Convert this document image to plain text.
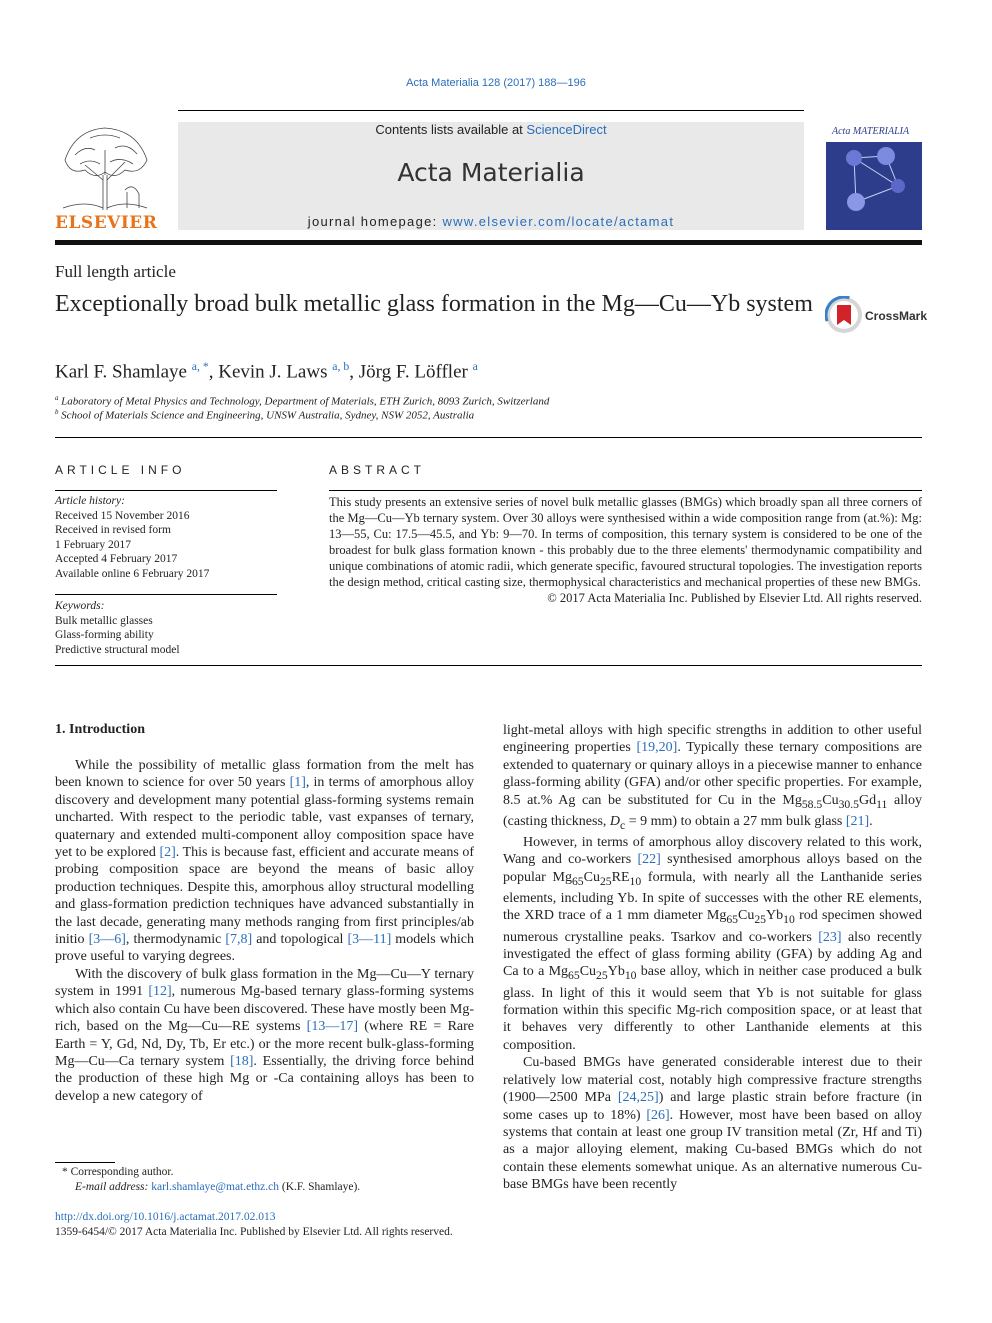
Acta Materialia 128 (2017) 188—196
ELSEVIER
Contents lists available at ScienceDirect
Acta Materialia
journal homepage: www.elsevier.com/locate/actamat
Acta MATERIALIA
Full length article
Exceptionally broad bulk metallic glass formation in the Mg—Cu—Yb system	CrossMark
Karl F. Shamlaye $^{a, *}$, Kevin J. Laws $^{a, b}$, Jörg F. Löffler $^a$
$^a$ Laboratory of Metal Physics and Technology, Department of Materials, ETH Zurich, 8093 Zurich, Switzerland
$^b$ School of Materials Science and Engineering, UNSW Australia, Sydney, NSW 2052, Australia
ARTICLE INFO
Article history:
Received 15 November 2016
Received in revised form
1 February 2017
Accepted 4 February 2017
Available online 6 February 2017
Keywords:
Bulk metallic glasses
Glass-forming ability
Predictive structural model
ABSTRACT
This study presents an extensive series of novel bulk metallic glasses (BMGs) which broadly span all three corners of the Mg—Cu—Yb ternary system. Over 30 alloys were synthesised within a wide composition range from (at.%): Mg: 13—55, Cu: 17.5—45.5, and Yb: 9—70. In terms of composition, this ternary system is considered to be one of the broadest for bulk glass formation known - this probably due to the three elements' thermodynamic compatibility and unique combinations of atomic radii, which generate specific, favoured structural topologies. The investigation reports the design method, critical casting size, thermophysical characteristics and mechanical properties of these new BMGs.
© 2017 Acta Materialia Inc. Published by Elsevier Ltd. All rights reserved.
1. Introduction

While the possibility of metallic glass formation from the melt has been known to science for over 50 years [1], in terms of amorphous alloy discovery and development many potential glass-forming systems remain uncharted. With respect to the periodic table, vast expanses of ternary, quaternary and extended multi-component alloy composition space have yet to be explored [2]. This is because fast, efficient and accurate means of probing composition space are beyond the means of basic alloy production techniques. Despite this, amorphous alloy structural modelling and glass-formation prediction techniques have advanced substantially in the last decade, generating many methods ranging from first principles/ab initio [3—6], thermodynamic [7,8] and topological [3—11] models which prove useful to varying degrees.

With the discovery of bulk glass formation in the Mg—Cu—Y ternary system in 1991 [12], numerous Mg-based ternary glass-forming systems which also contain Cu have been discovered. These have mostly been Mg-rich, based on the Mg—Cu—RE systems [13—17] (where RE = Rare Earth = Y, Gd, Nd, Dy, Tb, Er etc.) or the more recent bulk-glass-forming Mg—Cu—Ca ternary system [18]. Essentially, the driving force behind the production of these high Mg or -Ca containing alloys has been to develop a new category of

* Corresponding author.
E-mail address: karl.shamlaye@mat.ethz.ch (K.F. Shamlaye).
http://dx.doi.org/10.1016/j.actamat.2017.02.013
1359-6454/© 2017 Acta Materialia Inc. Published by Elsevier Ltd. All rights reserved.

light-metal alloys with high specific strengths in addition to other useful engineering properties [19,20]. Typically these ternary compositions are extended to quaternary or quinary alloys in a piecewise manner to enhance glass-forming ability (GFA) and/or other specific properties. For example, 8.5 at.% Ag can be substituted for Cu in the $Mg_{58.5}Cu_{30.5}Gd_{11}$ alloy (casting thickness, $D_c = 9$ mm) to obtain a 27 mm bulk glass [21].

However, in terms of amorphous alloy discovery related to this work, Wang and co-workers [22] synthesised amorphous alloys based on the popular $Mg_{65}Cu_{25}RE_{10}$ formula, with nearly all the Lanthanide series elements, including Yb. In spite of successes with the other RE elements, the XRD trace of a 1 mm diameter $Mg_{65}Cu_{25}Yb_{10}$ rod specimen showed numerous crystalline peaks. Tsarkov and co-workers [23] also recently investigated the effect of glass forming ability (GFA) by adding Ag and Ca to a $Mg_{65}Cu_{25}Yb_{10}$ base alloy, which in neither case produced a bulk glass. In light of this it would seem that Yb is not suitable for glass formation within this specific Mg-rich composition space, or at least that it behaves very differently to other Lanthanide elements at this composition.

Cu-based BMGs have generated considerable interest due to their relatively low material cost, notably high compressive fracture strengths (1900—2500 MPa [24,25]) and large plastic strain before fracture (in some cases up to 18%) [26]. However, most have been based on alloy systems that contain at least one group IV transition metal (Zr, Hf and Ti) as a major alloying element, making Cu-based BMGs which do not contain these elements somewhat unique. As an alternative numerous Cu-base BMGs have been recently
